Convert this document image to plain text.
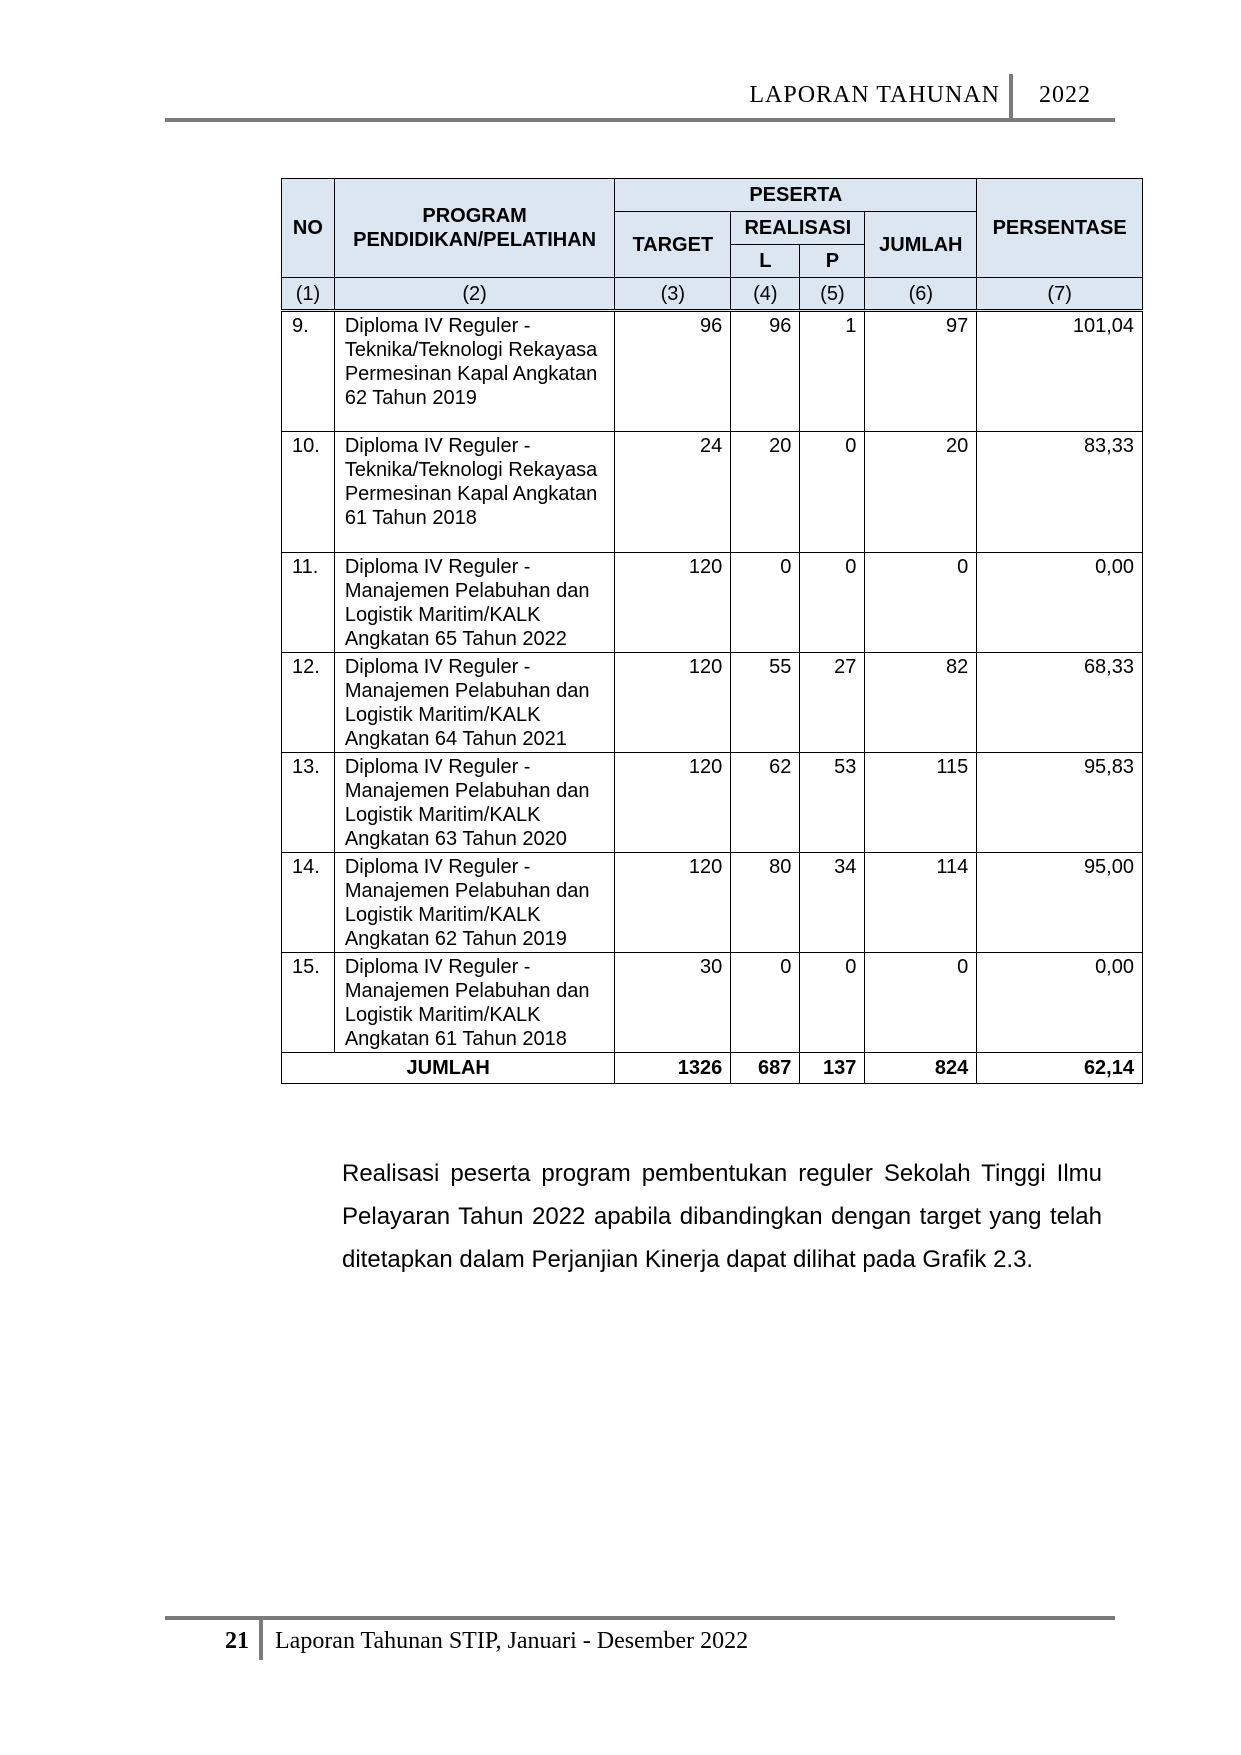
LAPORAN TAHUNAN 2022
NO	PROGRAM PENDIDIKAN/PELATIHAN	PESERTA				PERSENTASE
		TARGET	REALISASI		JUMLAH	
			L	P		
(1)	(2)	(3)	(4)	(5)	(6)	(7)
9.	Diploma IV Reguler - Teknika/Teknologi Rekayasa Permesinan Kapal Angkatan 62 Tahun 2019	96	96	1	97	101,04
10.	Diploma IV Reguler - Teknika/Teknologi Rekayasa Permesinan Kapal Angkatan 61 Tahun 2018	24	20	0	20	83,33
11.	Diploma IV Reguler - Manajemen Pelabuhan dan Logistik Maritim/KALK Angkatan 65 Tahun 2022	120	0	0	0	0,00
12.	Diploma IV Reguler - Manajemen Pelabuhan dan Logistik Maritim/KALK Angkatan 64 Tahun 2021	120	55	27	82	68,33
13.	Diploma IV Reguler - Manajemen Pelabuhan dan Logistik Maritim/KALK Angkatan 63 Tahun 2020	120	62	53	115	95,83
14.	Diploma IV Reguler - Manajemen Pelabuhan dan Logistik Maritim/KALK Angkatan 62 Tahun 2019	120	80	34	114	95,00
15.	Diploma IV Reguler - Manajemen Pelabuhan dan Logistik Maritim/KALK Angkatan 61 Tahun 2018	30	0	0	0	0,00
JUMLAH		1326	687	137	824	62,14

Realisasi peserta program pembentukan reguler Sekolah Tinggi Ilmu Pelayaran Tahun 2022 apabila dibandingkan dengan target yang telah ditetapkan dalam Perjanjian Kinerja dapat dilihat pada Grafik 2.3.

21 Laporan Tahunan STIP, Januari - Desember 2022
